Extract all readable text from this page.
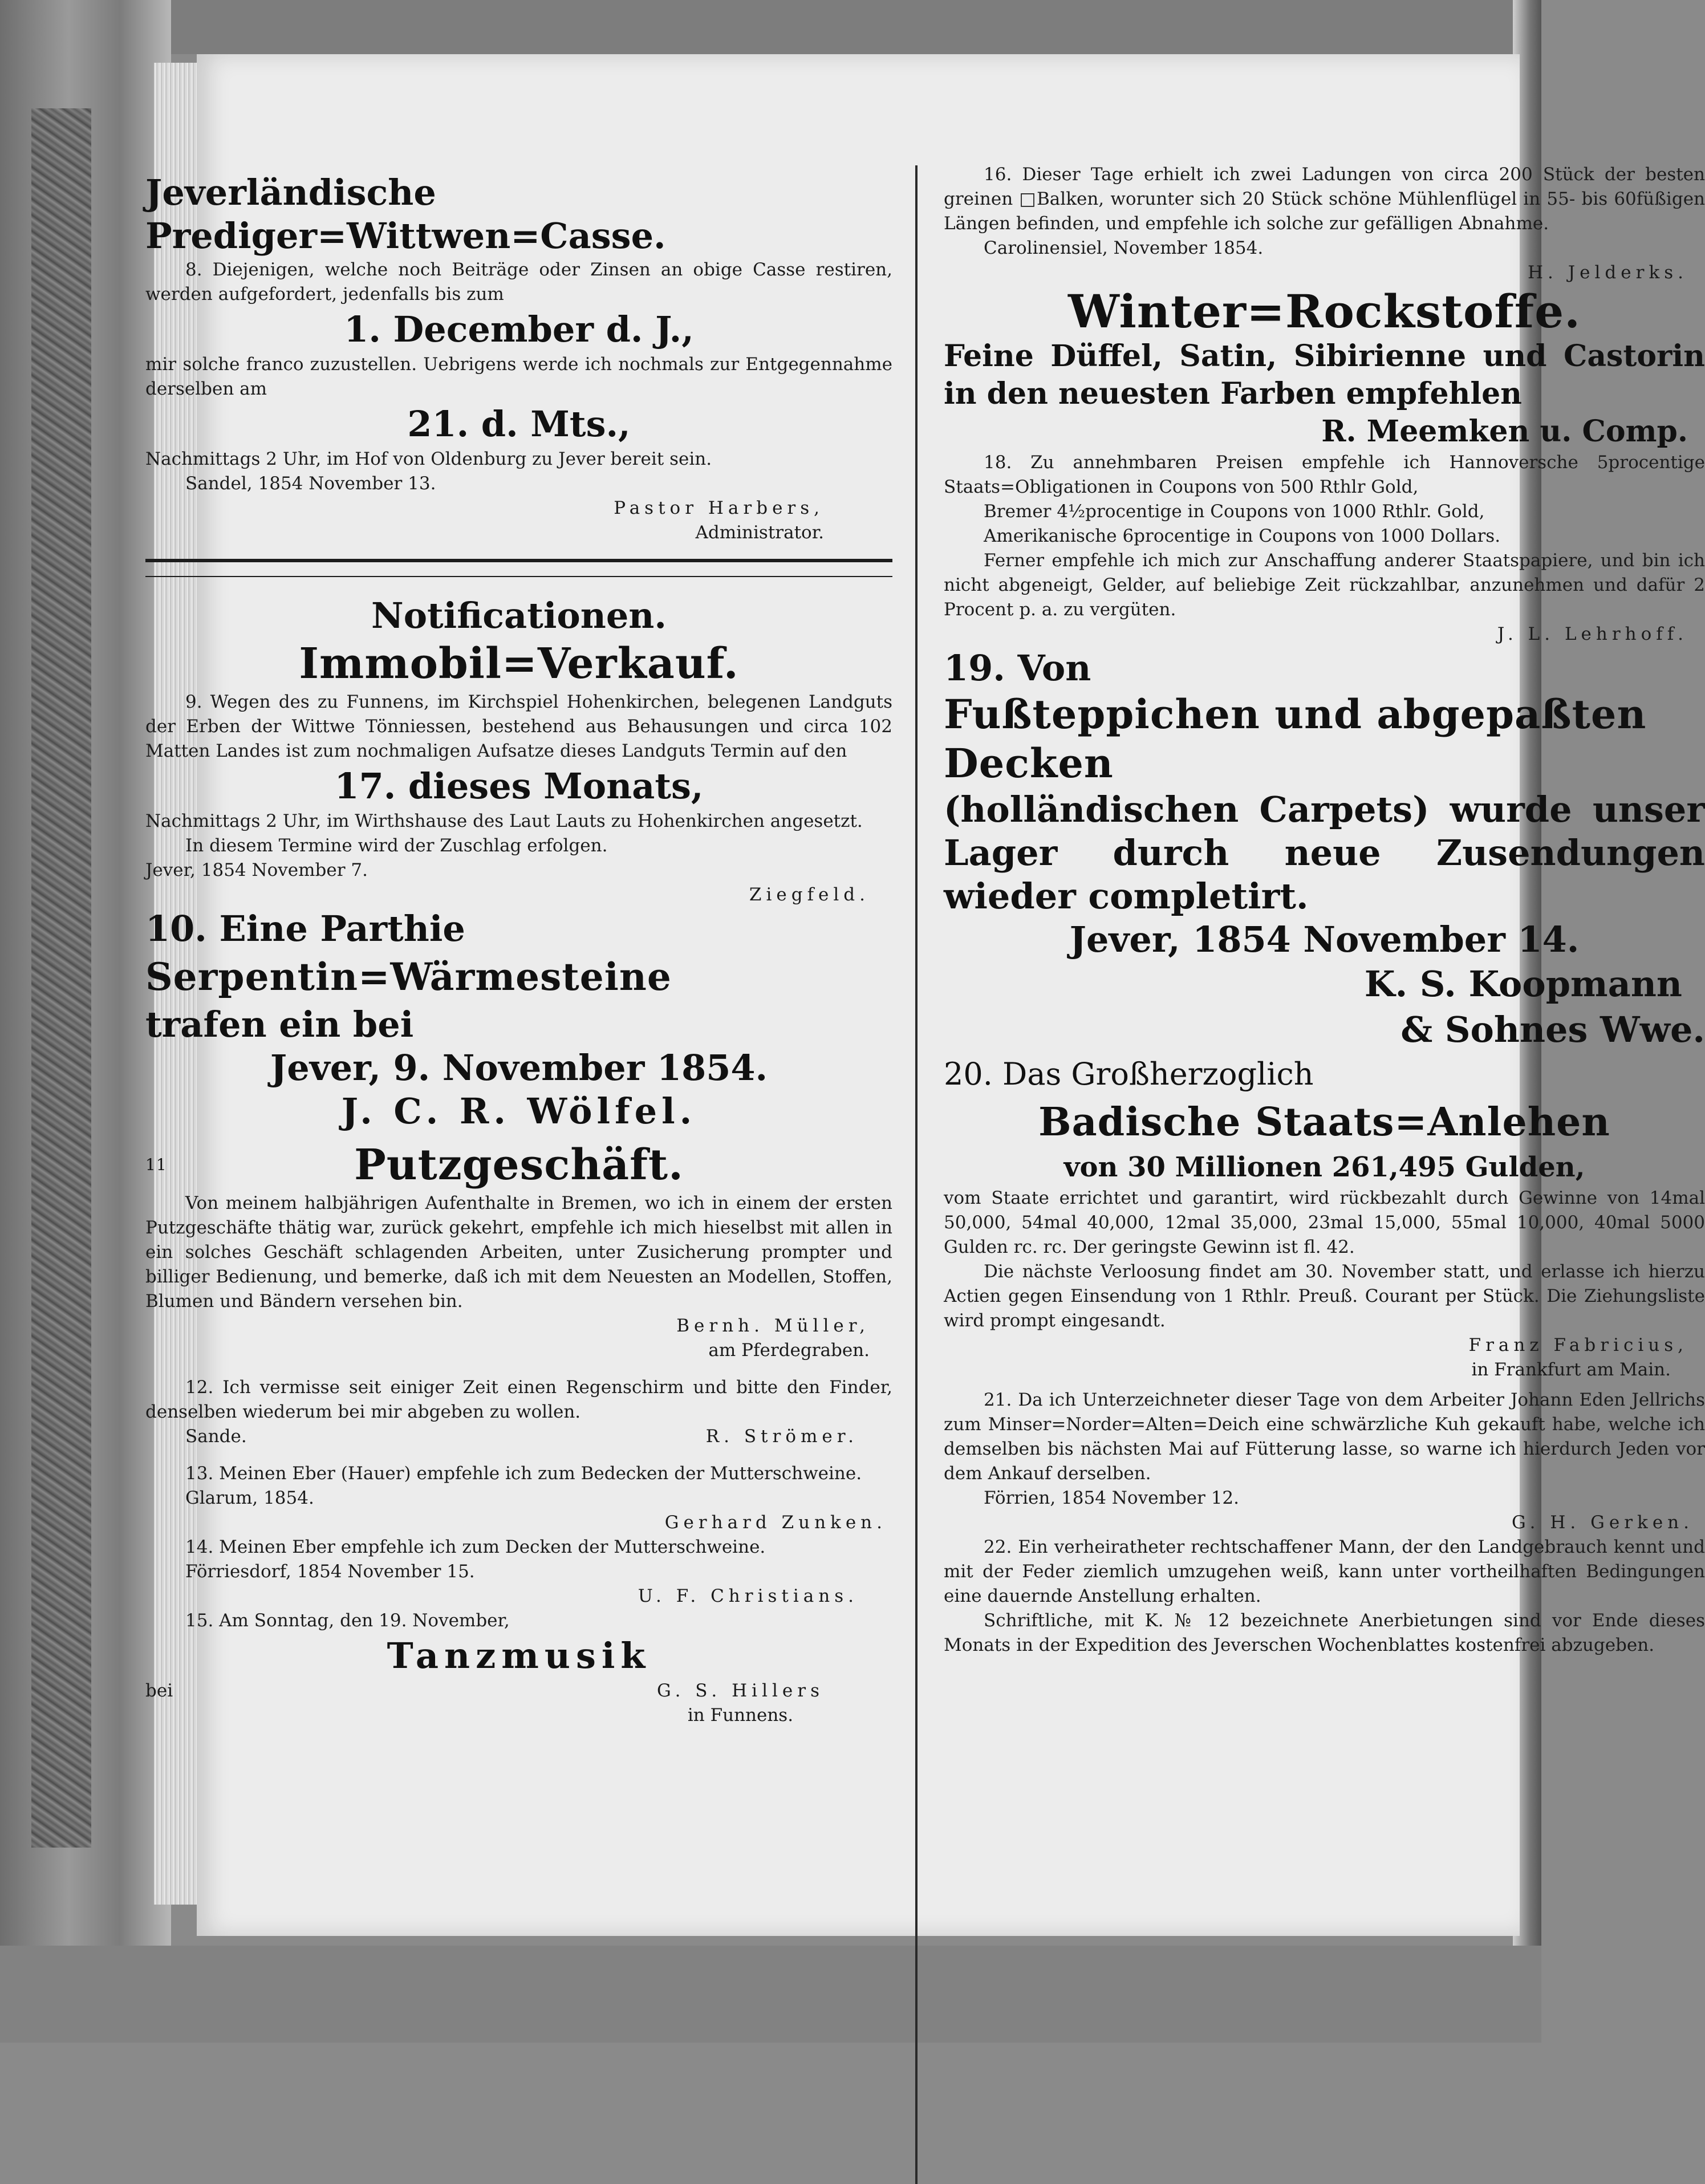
Jeverländische Prediger=Wittwen=Casse.

8. Diejenigen, welche noch Beiträge oder Zinsen an obige Casse restiren, werden aufgefordert, jedenfalls bis zum

1. December d. J.,

mir solche franco zuzustellen. Uebrigens werde ich nochmals zur Entgegennahme derselben am

21. d. Mts.,

Nachmittags 2 Uhr, im Hof von Oldenburg zu Jever bereit sein.

Sandel, 1854 November 13.

Pastor Harbers,

Administrator.

Notificationen.

Immobil=Verkauf.

9. Wegen des zu Funnens, im Kirchspiel Hohenkirchen, belegenen Landguts der Erben der Wittwe Tönniessen, bestehend aus Behausungen und circa 102 Matten Landes ist zum nochmaligen Aufsatze dieses Landguts Termin auf den

17. dieses Monats,

Nachmittags 2 Uhr, im Wirthshause des Laut Lauts zu Hohenkirchen angesetzt.

In diesem Termine wird der Zuschlag erfolgen.

Jever, 1854 November 7.

Ziegfeld.

10. Eine Parthie

Serpentin=Wärmesteine

trafen ein bei

Jever, 9. November 1854.

J. C. R. Wölfel.

11	Putzgeschäft.

Von meinem halbjährigen Aufenthalte in Bremen, wo ich in einem der ersten Putzgeschäfte thätig war, zurück gekehrt, empfehle ich mich hieselbst mit allen in ein solches Geschäft schlagenden Arbeiten, unter Zusicherung prompter und billiger Bedienung, und bemerke, daß ich mit dem Neuesten an Modellen, Stoffen, Blumen und Bändern versehen bin.

Bernh. Müller,

am Pferdegraben.

12. Ich vermisse seit einiger Zeit einen Regenschirm und bitte den Finder, denselben wiederum bei mir abgeben zu wollen.

Sande.	R. Strömer.

13. Meinen Eber (Hauer) empfehle ich zum Bedecken der Mutterschweine.

Glarum, 1854.

Gerhard Zunken.

14. Meinen Eber empfehle ich zum Decken der Mutterschweine.

Förriesdorf, 1854 November 15.

U. F. Christians.

15. Am Sonntag, den 19. November,

Tanzmusik

bei	G. S. Hillers

in Funnens.

16. Dieser Tage erhielt ich zwei Ladungen von circa 200 Stück der besten greinen □Balken, worunter sich 20 Stück schöne Mühlenflügel in 55- bis 60füßigen Längen befinden, und empfehle ich solche zur gefälligen Abnahme.

Carolinensiel, November 1854.

H. Jelderks.

Winter=Rockstoffe.

Feine Düffel, Satin, Sibirienne und Castorin in den neuesten Farben empfehlen

R. Meemken u. Comp.

18. Zu annehmbaren Preisen empfehle ich Hannoversche 5procentige Staats=Obligationen in Coupons von 500 Rthlr Gold,

Bremer 4½procentige in Coupons von 1000 Rthlr. Gold,

Amerikanische 6procentige in Coupons von 1000 Dollars.

Ferner empfehle ich mich zur Anschaffung anderer Staatspapiere, und bin ich nicht abgeneigt, Gelder, auf beliebige Zeit rückzahlbar, anzunehmen und dafür 2 Procent p. a. zu vergüten.

J. L. Lehrhoff.

19. Von

Fußteppichen und abgepaßten Decken

(holländischen Carpets) wurde unser Lager durch neue Zusendungen wieder completirt.

Jever, 1854 November 14.

K. S. Koopmann

& Sohnes Wwe.

20. Das Großherzoglich

Badische Staats=Anlehen

von 30 Millionen 261,495 Gulden,

vom Staate errichtet und garantirt, wird rückbezahlt durch Gewinne von 14mal 50,000, 54mal 40,000, 12mal 35,000, 23mal 15,000, 55mal 10,000, 40mal 5000 Gulden rc. rc. Der geringste Gewinn ist fl. 42.

Die nächste Verloosung findet am 30. November statt, und erlasse ich hierzu Actien gegen Einsendung von 1 Rthlr. Preuß. Courant per Stück. Die Ziehungsliste wird prompt eingesandt.

Franz Fabricius,

in Frankfurt am Main.

21. Da ich Unterzeichneter dieser Tage von dem Arbeiter Johann Eden Jellrichs zum Minser=Norder=Alten=Deich eine schwärzliche Kuh gekauft habe, welche ich demselben bis nächsten Mai auf Fütterung lasse, so warne ich hierdurch Jeden vor dem Ankauf derselben.

Förrien, 1854 November 12.

G. H. Gerken.

22. Ein verheiratheter rechtschaffener Mann, der den Landgebrauch kennt und mit der Feder ziemlich umzugehen weiß, kann unter vortheilhaften Bedingungen eine dauernde Anstellung erhalten.

Schriftliche, mit K. № 12 bezeichnete Anerbietungen sind vor Ende dieses Monats in der Expedition des Jeverschen Wochenblattes kostenfrei abzugeben.
